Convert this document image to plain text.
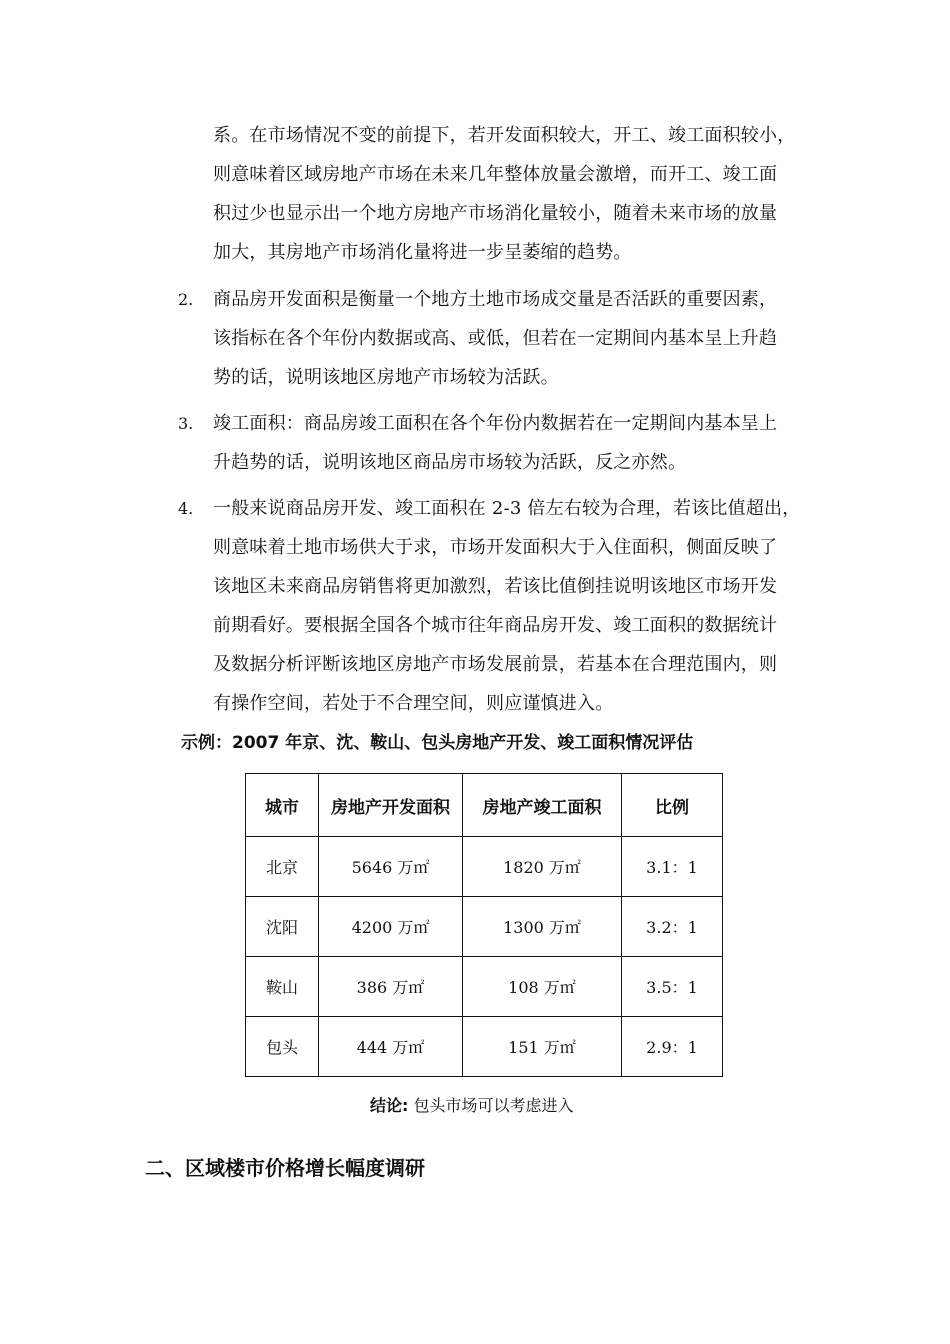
系。在市场情况不变的前提下，若开发面积较大，开工、竣工面积较小，
则意味着区域房地产市场在未来几年整体放量会激增，而开工、竣工面
积过少也显示出一个地方房地产市场消化量较小，随着未来市场的放量
加大，其房地产市场消化量将进一步呈萎缩的趋势。
2. 商品房开发面积是衡量一个地方土地市场成交量是否活跃的重要因素，
该指标在各个年份内数据或高、或低，但若在一定期间内基本呈上升趋
势的话，说明该地区房地产市场较为活跃。
3. 竣工面积：商品房竣工面积在各个年份内数据若在一定期间内基本呈上
升趋势的话，说明该地区商品房市场较为活跃，反之亦然。
4. 一般来说商品房开发、竣工面积在 2-3 倍左右较为合理，若该比值超出，
则意味着土地市场供大于求，市场开发面积大于入住面积，侧面反映了
该地区未来商品房销售将更加激烈，若该比值倒挂说明该地区市场开发
前期看好。要根据全国各个城市往年商品房开发、竣工面积的数据统计
及数据分析评断该地区房地产市场发展前景，若基本在合理范围内，则
有操作空间，若处于不合理空间，则应谨慎进入。
示例：2007 年京、沈、鞍山、包头房地产开发、竣工面积情况评估
城市	房地产开发面积	房地产竣工面积	比例
北京	5646 万㎡	1820 万㎡	3.1：1
沈阳	4200 万㎡	1300 万㎡	3.2：1
鞍山	386 万㎡	108 万㎡	3.5：1
包头	444 万㎡	151 万㎡	2.9：1
结论: 包头市场可以考虑进入
二、区域楼市价格增长幅度调研
